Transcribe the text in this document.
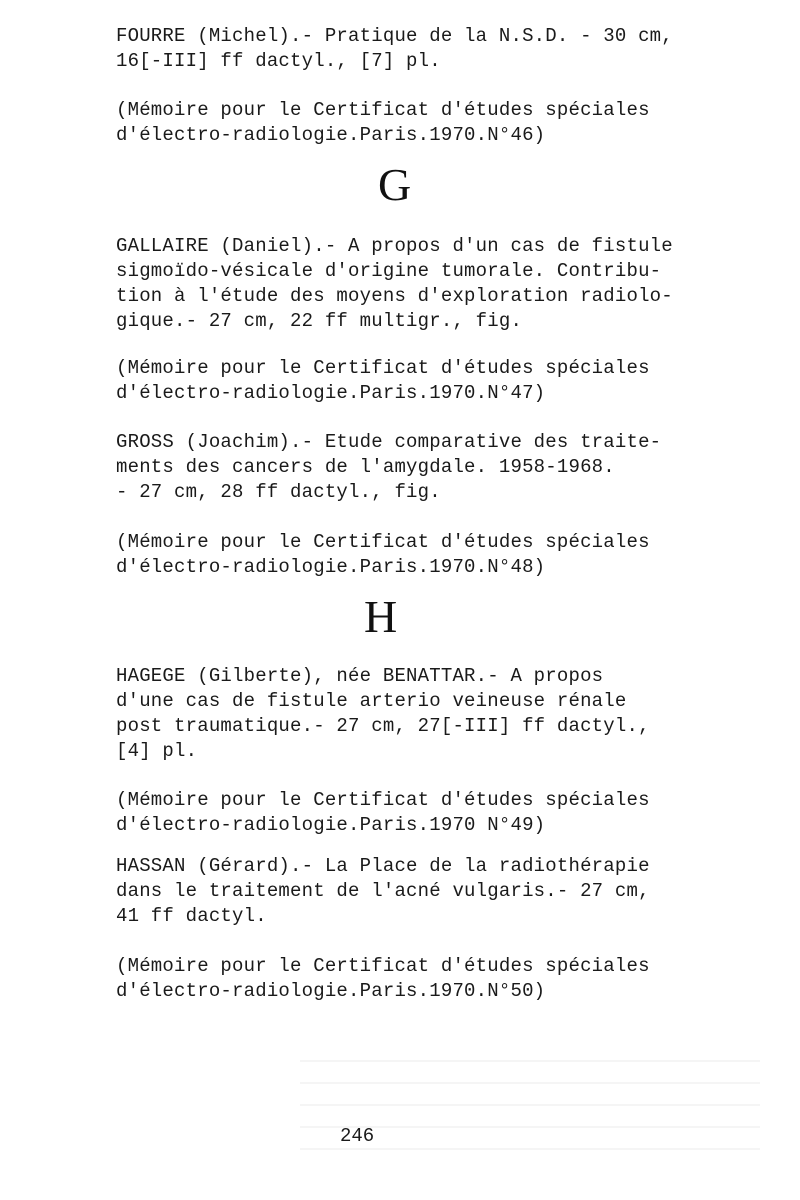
FOURRE (Michel).- Pratique de la N.S.D. - 30 cm,
16[-III] ff dactyl., [7] pl.
(Mémoire pour le Certificat d'études spéciales
d'électro-radiologie.Paris.1970.N°46)
G
GALLAIRE (Daniel).- A propos d'un cas de fistule
sigmoïdo-vésicale d'origine tumorale. Contribu-
tion à l'étude des moyens d'exploration radiolo-
gique.- 27 cm, 22 ff multigr., fig.
(Mémoire pour le Certificat d'études spéciales
d'électro-radiologie.Paris.1970.N°47)
GROSS (Joachim).- Etude comparative des traite-
ments des cancers de l'amygdale. 1958-1968.
- 27 cm, 28 ff dactyl., fig.
(Mémoire pour le Certificat d'études spéciales
d'électro-radiologie.Paris.1970.N°48)
H
HAGEGE (Gilberte), née BENATTAR.- A propos
d'une cas de fistule arterio veineuse rénale
post traumatique.- 27 cm, 27[-III] ff dactyl.,
[4] pl.
(Mémoire pour le Certificat d'études spéciales
d'électro-radiologie.Paris.1970 N°49)
HASSAN (Gérard).- La Place de la radiothérapie
dans le traitement de l'acné vulgaris.- 27 cm,
41 ff dactyl.
(Mémoire pour le Certificat d'études spéciales
d'électro-radiologie.Paris.1970.N°50)
246
